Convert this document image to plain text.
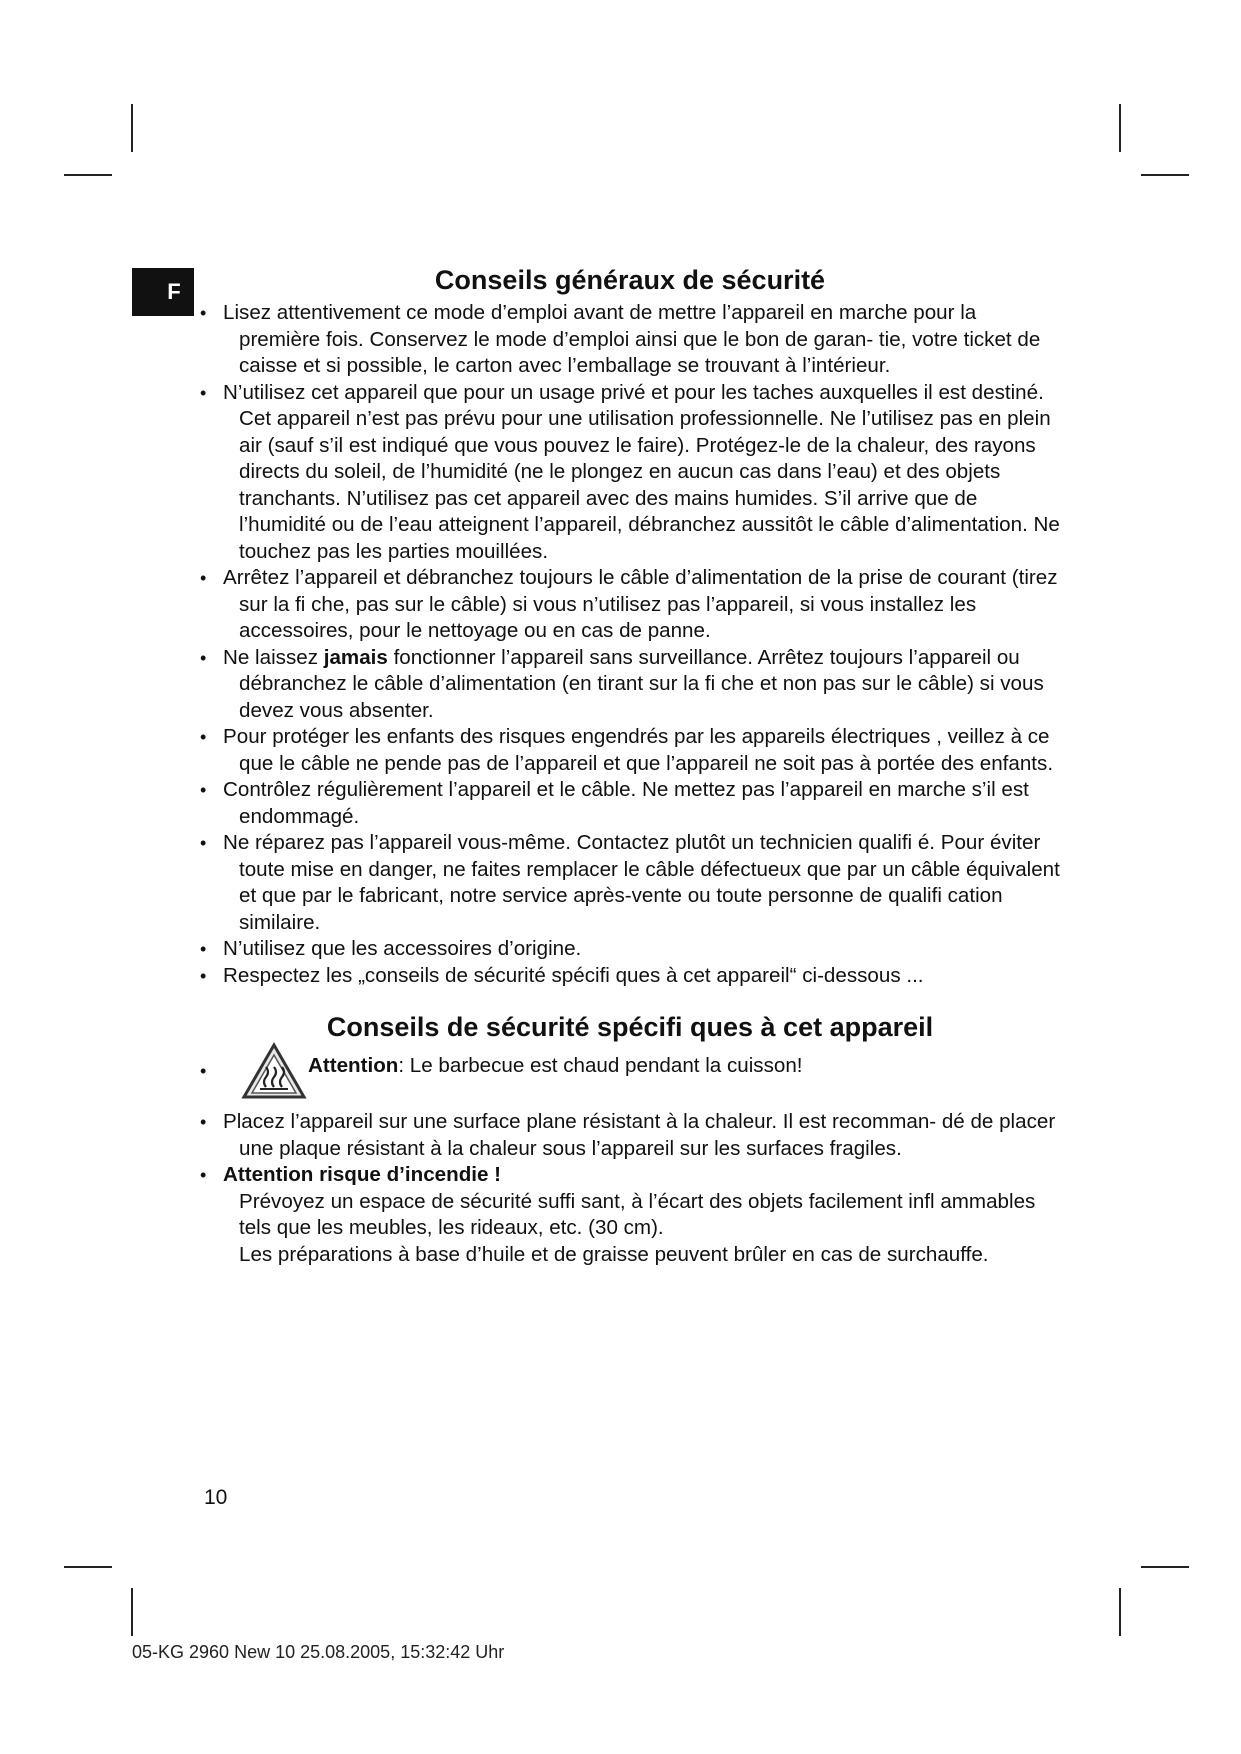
F	Conseils généraux de sécurité
• Lisez attentivement ce mode d’emploi avant de mettre l’appareil en marche pour la première fois. Conservez le mode d’emploi ainsi que le bon de garan- tie, votre ticket de caisse et si possible, le carton avec l’emballage se trouvant à l’intérieur.
• N’utilisez cet appareil que pour un usage privé et pour les taches auxquelles il est destiné. Cet appareil n’est pas prévu pour une utilisation professionnelle. Ne l’utilisez pas en plein air (sauf s’il est indiqué que vous pouvez le faire). Protégez-le de la chaleur, des rayons directs du soleil, de l’humidité (ne le plongez en aucun cas dans l’eau) et des objets tranchants. N’utilisez pas cet appareil avec des mains humides. S’il arrive que de l’humidité ou de l’eau atteignent l’appareil, débranchez aussitôt le câble d’alimentation. Ne touchez pas les parties mouillées.
• Arrêtez l’appareil et débranchez toujours le câble d’alimentation de la prise de courant (tirez sur la fi che, pas sur le câble) si vous n’utilisez pas l’appareil, si vous installez les accessoires, pour le nettoyage ou en cas de panne.
• Ne laissez jamais fonctionner l’appareil sans surveillance. Arrêtez toujours l’appareil ou débranchez le câble d’alimentation (en tirant sur la fi che et non pas sur le câble) si vous devez vous absenter.
• Pour protéger les enfants des risques engendrés par les appareils électriques , veillez à ce que le câble ne pende pas de l’appareil et que l’appareil ne soit pas à portée des enfants.
• Contrôlez régulièrement l’appareil et le câble. Ne mettez pas l’appareil en marche s’il est endommagé.
• Ne réparez pas l’appareil vous-même. Contactez plutôt un technicien qualifi é. Pour éviter toute mise en danger, ne faites remplacer le câble défectueux que par un câble équivalent et que par le fabricant, notre service après-vente ou toute personne de qualifi cation similaire.
• N’utilisez que les accessoires d’origine.
• Respectez les „conseils de sécurité spécifi ques à cet appareil“ ci-dessous ...
Conseils de sécurité spécifi ques à cet appareil
• Attention: Le barbecue est chaud pendant la cuisson!
• Placez l’appareil sur une surface plane résistant à la chaleur. Il est recomman- dé de placer une plaque résistant à la chaleur sous l’appareil sur les surfaces fragiles.
• Attention risque d’incendie !
Prévoyez un espace de sécurité suffi sant, à l’écart des objets facilement infl ammables tels que les meubles, les rideaux, etc. (30 cm).
Les préparations à base d’huile et de graisse peuvent brûler en cas de surchauffe.
10
05-KG 2960 New 10 25.08.2005, 15:32:42 Uhr
